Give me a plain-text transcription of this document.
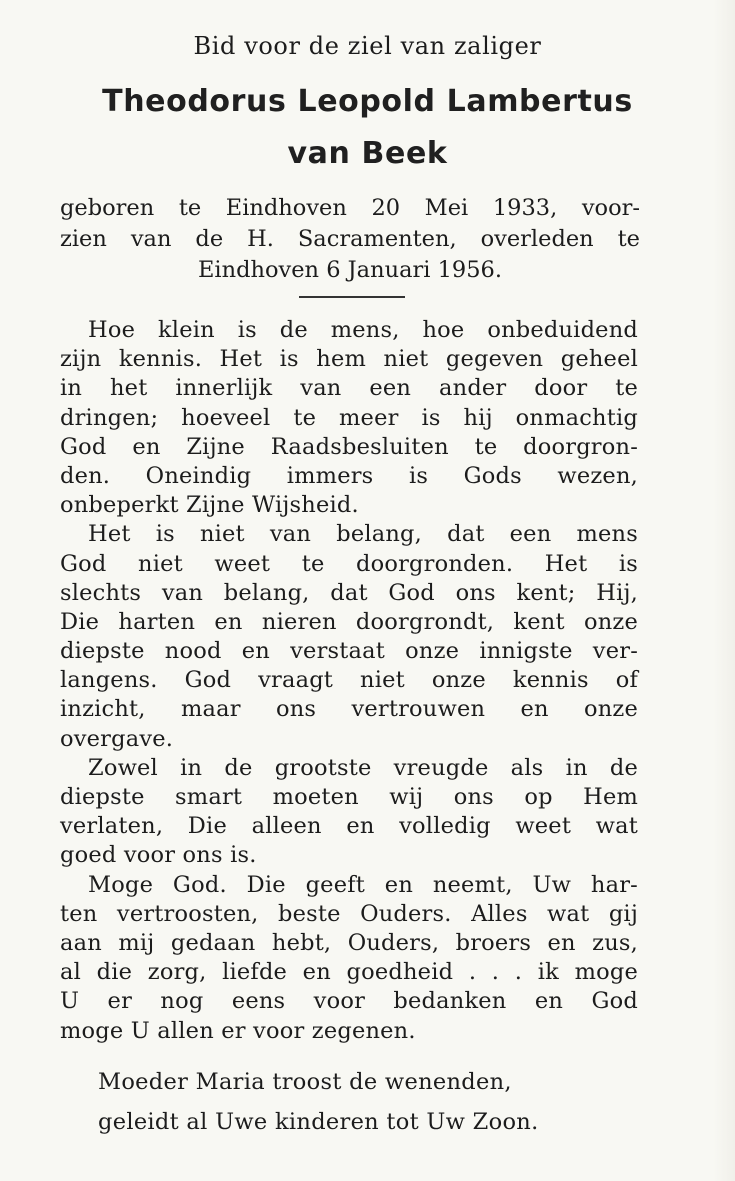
Bid voor de ziel van zaliger
Theodorus Leopold Lambertus
van Beek
geboren te Eindhoven 20 Mei 1933, voor-
zien van de H. Sacramenten, overleden te
Eindhoven 6 Januari 1956.
Hoe klein is de mens, hoe onbeduidend
zijn kennis. Het is hem niet gegeven geheel
in het innerlijk van een ander door te
dringen; hoeveel te meer is hij onmachtig
God en Zijne Raadsbesluiten te doorgron-
den. Oneindig immers is Gods wezen,
onbeperkt Zijne Wijsheid.
Het is niet van belang, dat een mens
God niet weet te doorgronden. Het is
slechts van belang, dat God ons kent; Hij,
Die harten en nieren doorgrondt, kent onze
diepste nood en verstaat onze innigste ver-
langens. God vraagt niet onze kennis of
inzicht, maar ons vertrouwen en onze
overgave.
Zowel in de grootste vreugde als in de
diepste smart moeten wij ons op Hem
verlaten, Die alleen en volledig weet wat
goed voor ons is.
Moge God. Die geeft en neemt, Uw har-
ten vertroosten, beste Ouders. Alles wat gij
aan mij gedaan hebt, Ouders, broers en zus,
al die zorg, liefde en goedheid . . . ik moge
U er nog eens voor bedanken en God
moge U allen er voor zegenen.
Moeder Maria troost de wenenden,
geleidt al Uwe kinderen tot Uw Zoon.
